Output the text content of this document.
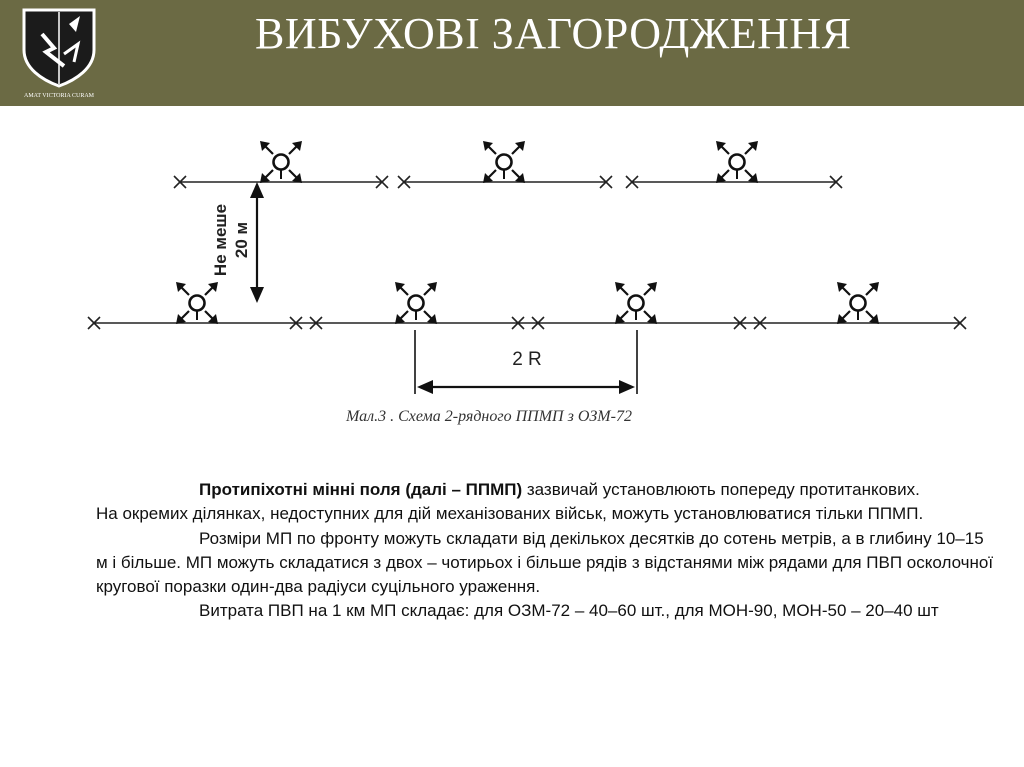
AMAT VICTORIA CURAM
ВИБУХОВІ ЗАГОРОДЖЕННЯ
Не меше 20 м
2 R
Мал.3 . Схема 2-рядного ППМП з ОЗМ-72

Протипіхотні мінні поля (далі – ППМП) зазвичай установлюють попереду протитанкових.

На окремих ділянках, недоступних для дій механізованих військ, можуть установлюватися тільки ППМП.

Розміри МП по фронту можуть складати від декількох десятків до сотень метрів, а в глибину 10–15 м і більше. МП можуть складатися з двох – чотирьох і більше рядів з відстанями між рядами для ПВП осколочної кругової поразки один-два радіуси суцільного ураження.

Витрата ПВП на 1 км МП складає: для ОЗМ-72 – 40–60 шт., для МОН-90, МОН-50 – 20–40 шт
